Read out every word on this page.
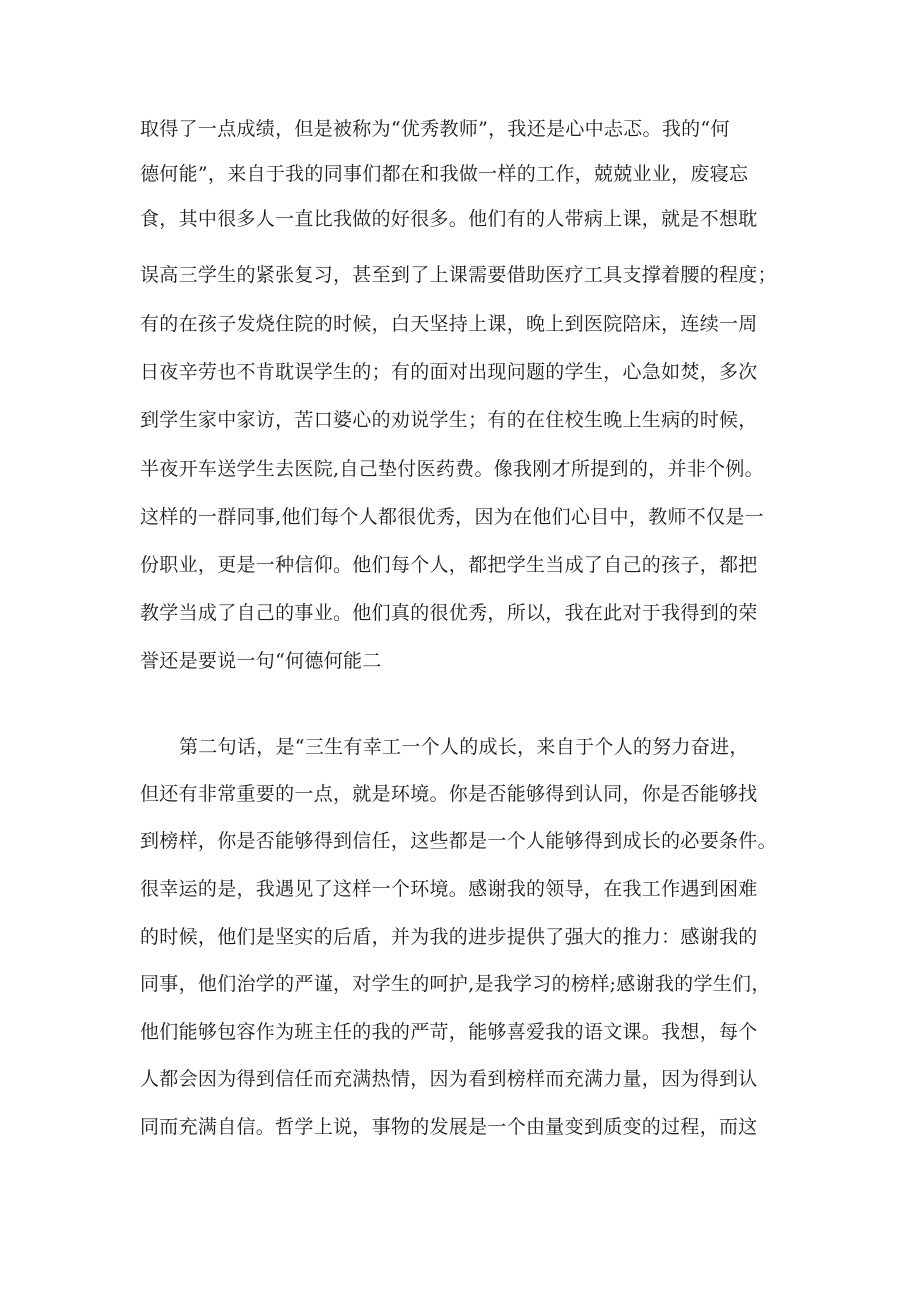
取得了一点成绩，但是被称为“优秀教师”，我还是心中忐忑。我的“何
德何能”，来自于我的同事们都在和我做一样的工作，兢兢业业，废寝忘
食，其中很多人一直比我做的好很多。他们有的人带病上课，就是不想耽
误高三学生的紧张复习，甚至到了上课需要借助医疗工具支撑着腰的程度；
有的在孩子发烧住院的时候，白天坚持上课，晚上到医院陪床，连续一周
日夜辛劳也不肯耽误学生的；有的面对出现问题的学生，心急如焚，多次
到学生家中家访，苦口婆心的劝说学生；有的在住校生晚上生病的时候，
半夜开车送学生去医院,自己垫付医药费。像我刚才所提到的，并非个例。
这样的一群同事,他们每个人都很优秀，因为在他们心目中，教师不仅是一
份职业，更是一种信仰。他们每个人，都把学生当成了自己的孩子，都把
教学当成了自己的事业。他们真的很优秀，所以，我在此对于我得到的荣
誉还是要说一句“何德何能二
第二句话，是“三生有幸工一个人的成长，来自于个人的努力奋进，
但还有非常重要的一点，就是环境。你是否能够得到认同，你是否能够找
到榜样，你是否能够得到信任，这些都是一个人能够得到成长的必要条件。
很幸运的是，我遇见了这样一个环境。感谢我的领导，在我工作遇到困难
的时候，他们是坚实的后盾，并为我的进步提供了强大的推力：感谢我的
同事，他们治学的严谨，对学生的呵护,是我学习的榜样;感谢我的学生们，
他们能够包容作为班主任的我的严苛，能够喜爱我的语文课。我想，每个
人都会因为得到信任而充满热情，因为看到榜样而充满力量，因为得到认
同而充满自信。哲学上说，事物的发展是一个由量变到质变的过程，而这
